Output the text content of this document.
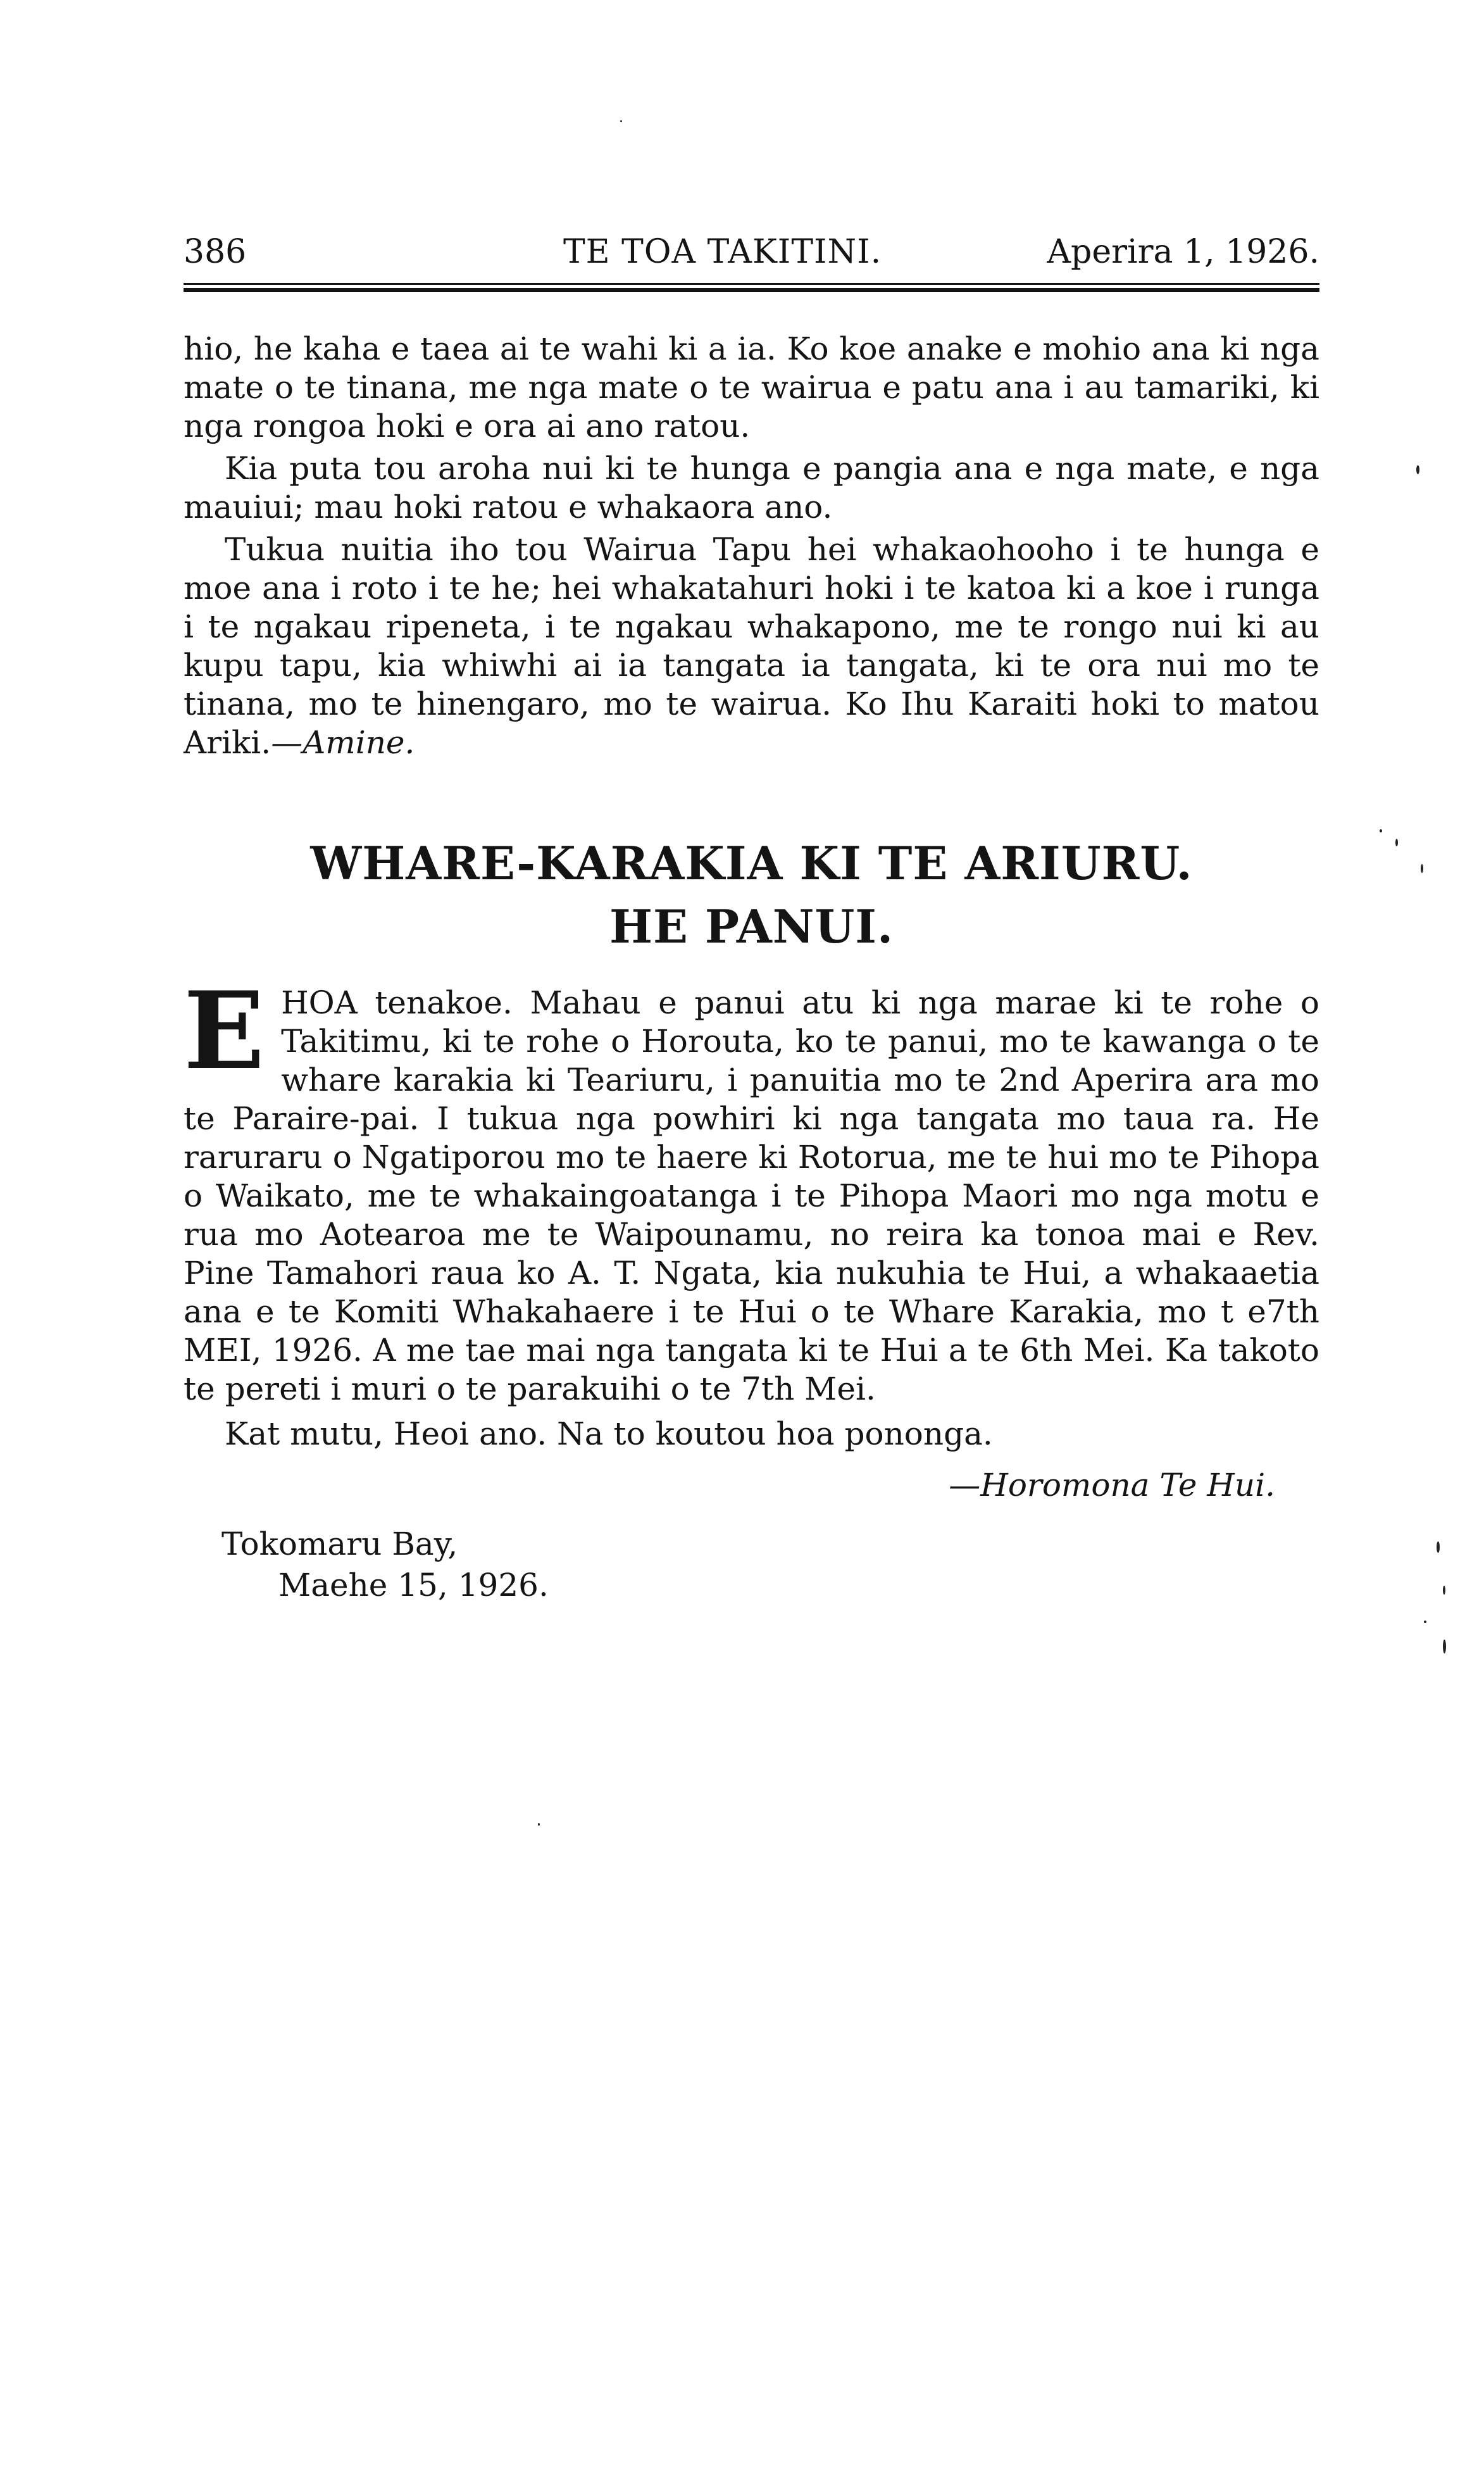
386	TE TOA TAKITINI.	Aperira 1, 1926.

hio, he kaha e taea ai te wahi ki a ia. Ko koe anake e mohio ana ki nga mate o te tinana, me nga mate o te wairua e patu ana i au tamariki, ki nga rongoa hoki e ora ai ano ratou.

Kia puta tou aroha nui ki te hunga e pangia ana e nga mate, e nga mauiui; mau hoki ratou e whakaora ano.

Tukua nuitia iho tou Wairua Tapu hei whakaohooho i te hunga e moe ana i roto i te he; hei whakatahuri hoki i te katoa ki a koe i runga i te ngakau ripeneta, i te ngakau whakapono, me te rongo nui ki au kupu tapu, kia whiwhi ai ia tangata ia tangata, ki te ora nui mo te tinana, mo te hinengaro, mo te wairua. Ko Ihu Karaiti hoki to matou Ariki.—Amine.

WHARE-KARAKIA KI TE ARIURU.
HE PANUI.
E HOA tenakoe. Mahau e panui atu ki nga marae ki te rohe o Takitimu, ki te rohe o Horouta, ko te panui, mo te kawanga o te whare karakia ki Teariuru, i panuitia mo te 2nd Aperira ara mo te Paraire-pai. I tukua nga powhiri ki nga tangata mo taua ra. He raruraru o Ngatiporou mo te haere ki Rotorua, me te hui mo te Pihopa o Waikato, me te whakaingoatanga i te Pihopa Maori mo nga motu e rua mo Aotearoa me te Waipounamu, no reira ka tonoa mai e Rev. Pine Tamahori raua ko A. T. Ngata, kia nukuhia te Hui, a whakaaetia ana e te Komiti Whakahaere i te Hui o te Whare Karakia, mo t e7th MEI, 1926. A me tae mai nga tangata ki te Hui a te 6th Mei. Ka takoto te pereti i muri o te parakuihi o te 7th Mei.

Kat mutu, Heoi ano. Na to koutou hoa pononga.
—Horomona Te Hui.
Tokomaru Bay,
Maehe 15, 1926.
